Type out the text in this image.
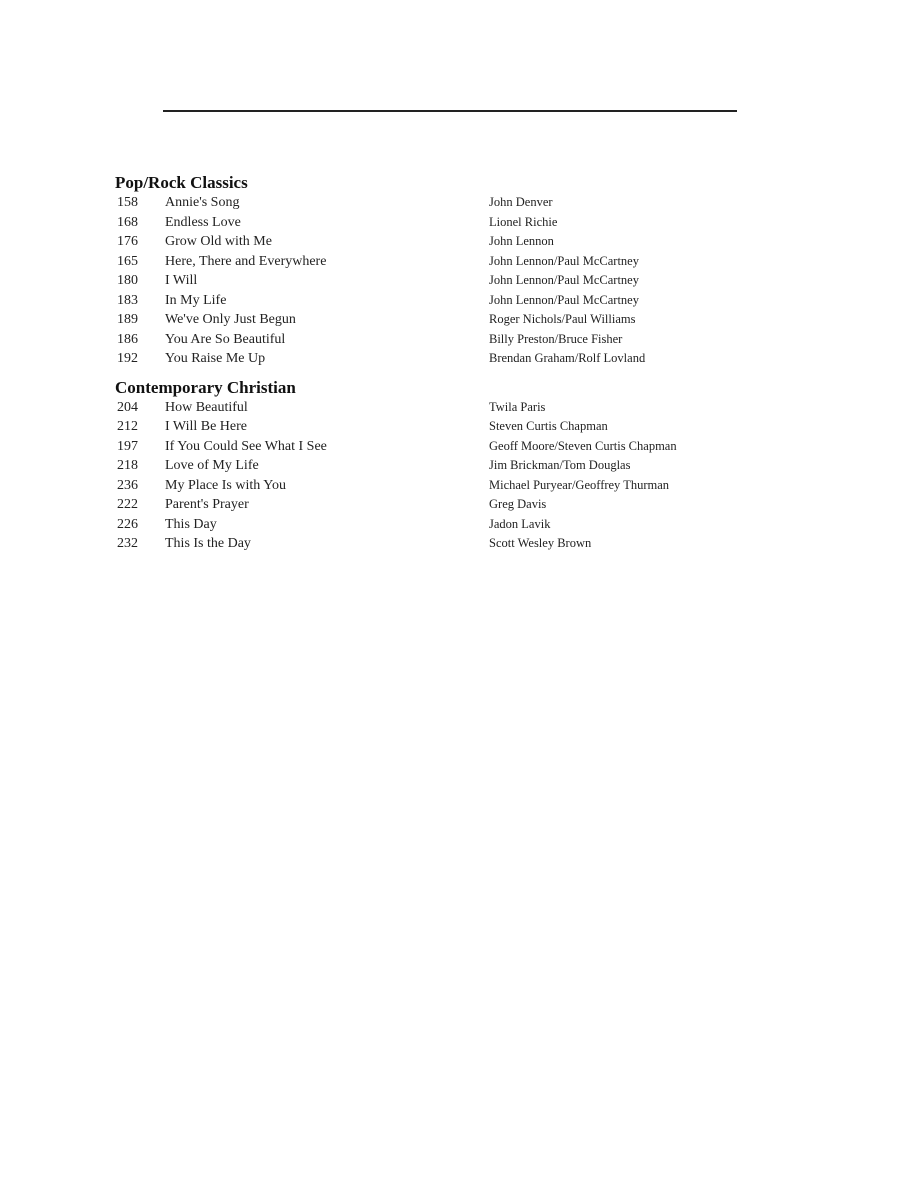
Pop/Rock Classics
158 Annie's Song	John Denver
168 Endless Love	Lionel Richie
176 Grow Old with Me	John Lennon
165 Here, There and Everywhere	John Lennon/Paul McCartney
180 I Will	John Lennon/Paul McCartney
183 In My Life	John Lennon/Paul McCartney
189 We've Only Just Begun	Roger Nichols/Paul Williams
186 You Are So Beautiful	Billy Preston/Bruce Fisher
192 You Raise Me Up	Brendan Graham/Rolf Lovland
Contemporary Christian
204 How Beautiful	Twila Paris
212 I Will Be Here	Steven Curtis Chapman
197 If You Could See What I See	Geoff Moore/Steven Curtis Chapman
218 Love of My Life	Jim Brickman/Tom Douglas
236 My Place Is with You	Michael Puryear/Geoffrey Thurman
222 Parent's Prayer	Greg Davis
226 This Day	Jadon Lavik
232 This Is the Day	Scott Wesley Brown
